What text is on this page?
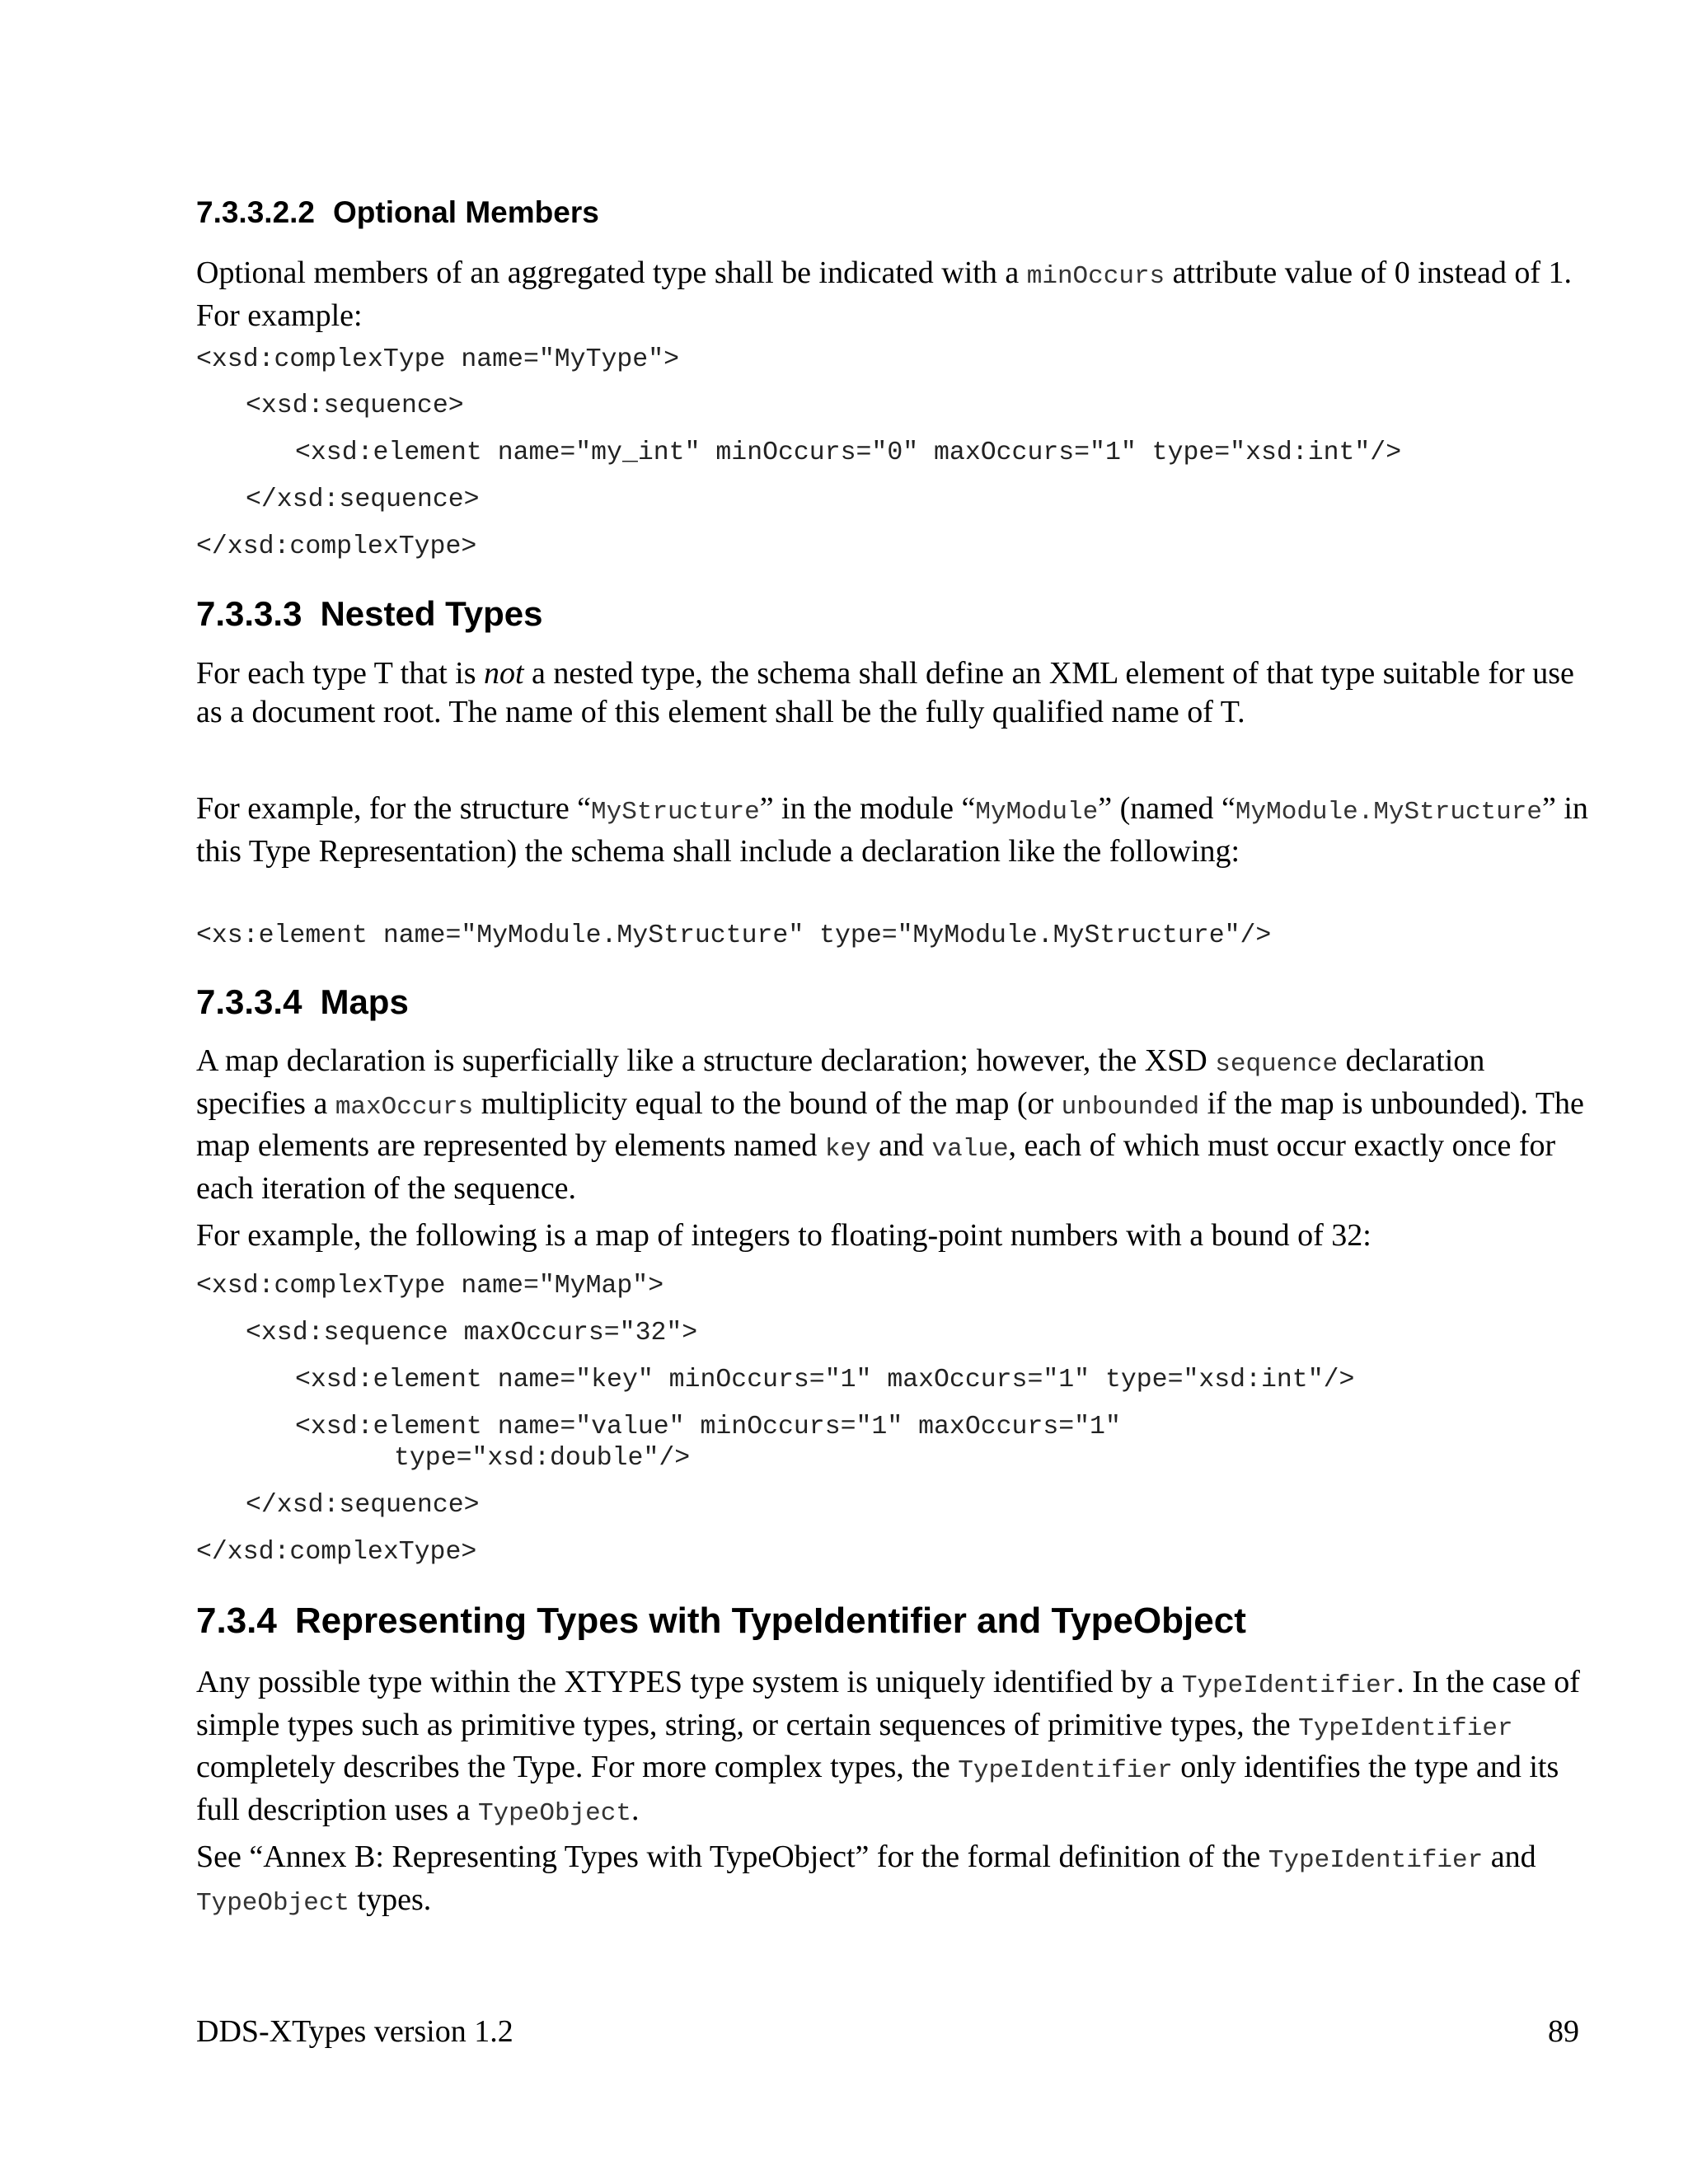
7.3.3.2.2 Optional Members

Optional members of an aggregated type shall be indicated with a minOccurs attribute value of 0 instead of 1. For example:

<xsd:complexType name="MyType">
<xsd:sequence>
<xsd:element name="my_int" minOccurs="0" maxOccurs="1" type="xsd:int"/>
</xsd:sequence>
</xsd:complexType>
7.3.3.3 Nested Types

For each type T that is not a nested type, the schema shall define an XML element of that type suitable for use as a document root. The name of this element shall be the fully qualified name of T.

For example, for the structure “MyStructure” in the module “MyModule” (named “MyModule.MyStructure” in this Type Representation) the schema shall include a declaration like the following:

<xs:element name="MyModule.MyStructure" type="MyModule.MyStructure"/>
7.3.3.4 Maps

A map declaration is superficially like a structure declaration; however, the XSD sequence declaration specifies a maxOccurs multiplicity equal to the bound of the map (or unbounded if the map is unbounded). The map elements are represented by elements named key and value, each of which must occur exactly once for each iteration of the sequence.

For example, the following is a map of integers to floating-point numbers with a bound of 32:

<xsd:complexType name="MyMap">
<xsd:sequence maxOccurs="32">
<xsd:element name="key" minOccurs="1" maxOccurs="1" type="xsd:int"/>
<xsd:element name="value" minOccurs="1" maxOccurs="1"
type="xsd:double"/>
</xsd:sequence>
</xsd:complexType>
7.3.4 Representing Types with TypeIdentifier and TypeObject

Any possible type within the XTYPES type system is uniquely identified by a TypeIdentifier. In the case of simple types such as primitive types, string, or certain sequences of primitive types, the TypeIdentifier completely describes the Type. For more complex types, the TypeIdentifier only identifies the type and its full description uses a TypeObject.

See “Annex B: Representing Types with TypeObject” for the formal definition of the TypeIdentifier and TypeObject types.

DDS-XTypes version 1.2	89
